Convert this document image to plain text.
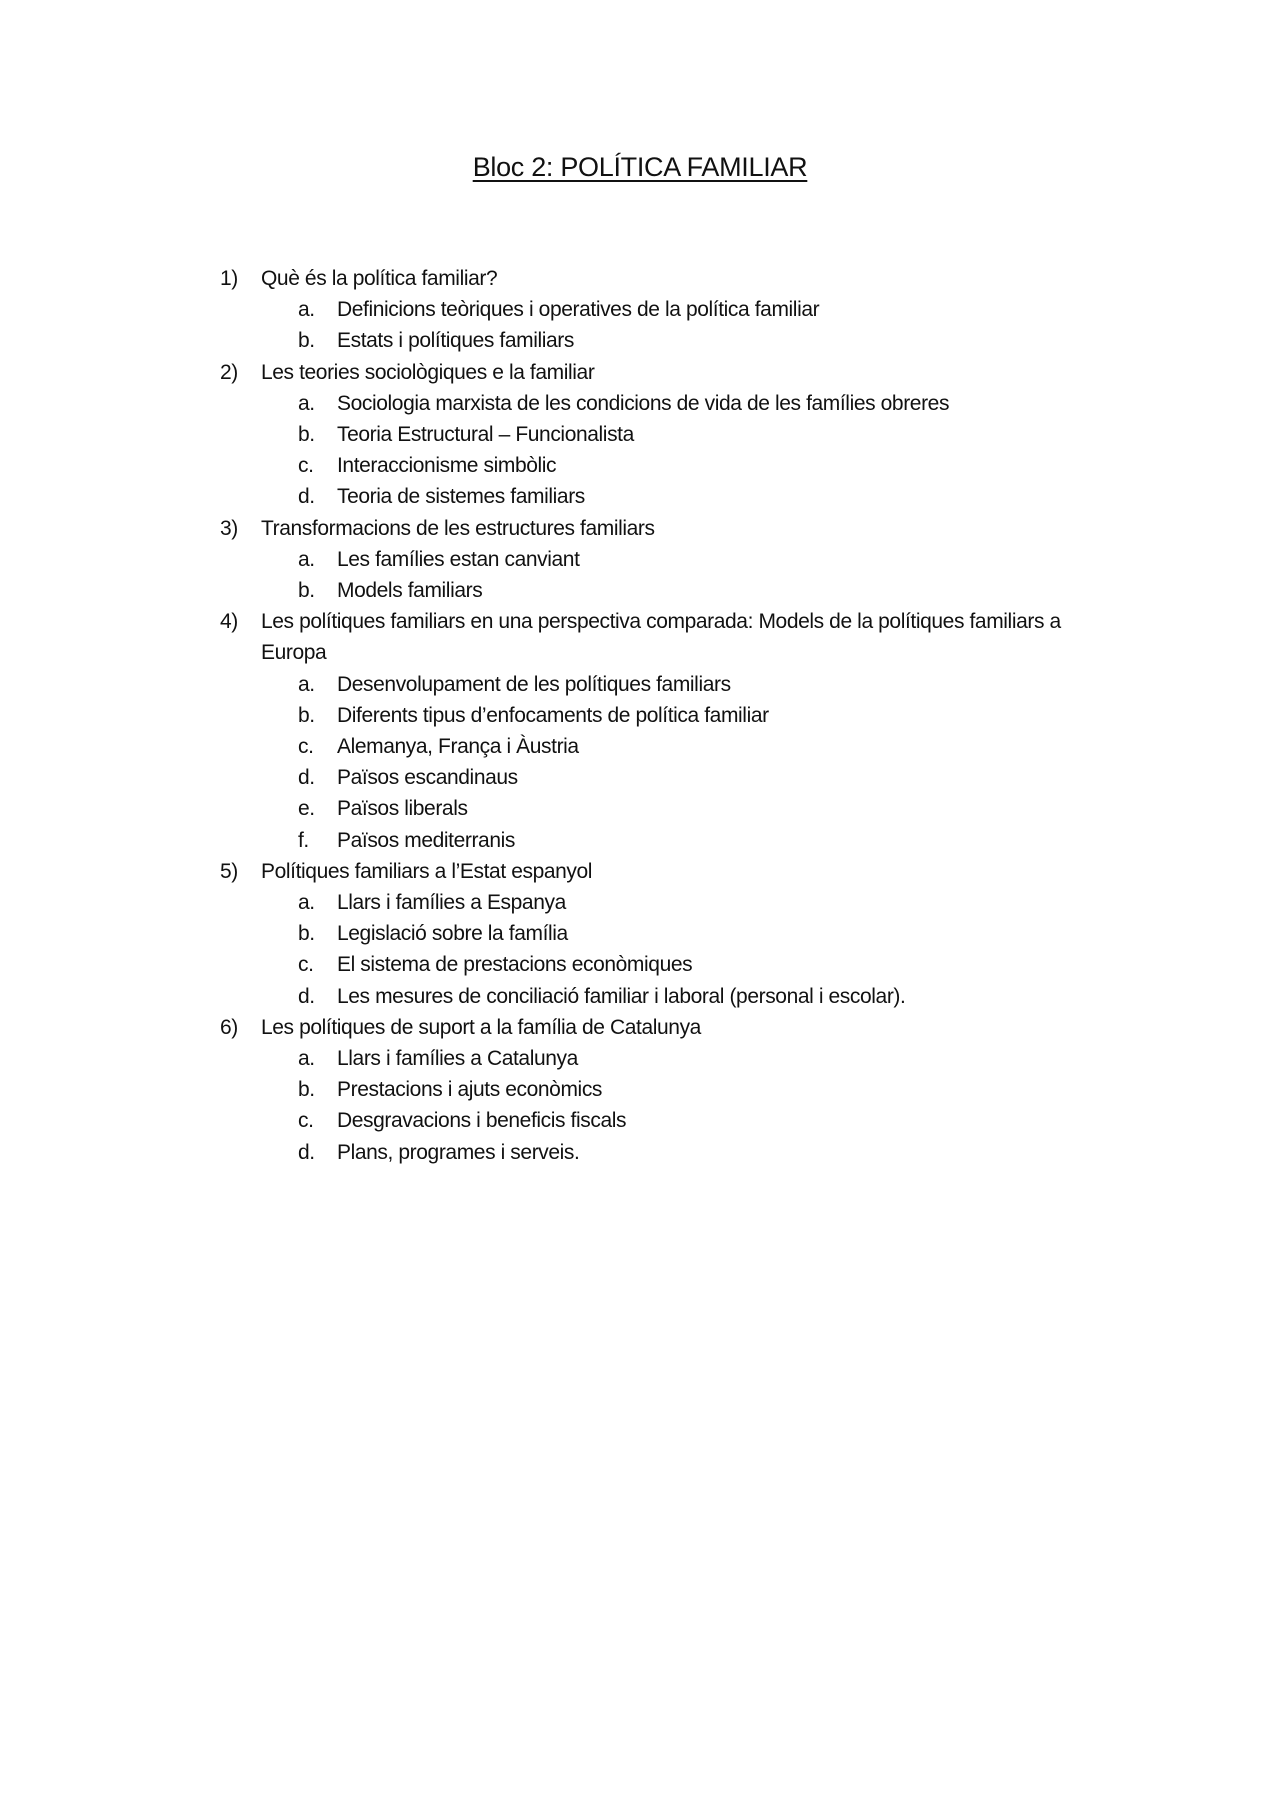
Bloc 2: POLÍTICA FAMILIAR
1)	Què és la política familiar?
a.	Definicions teòriques i operatives de la política familiar
b.	Estats i polítiques familiars
2)	Les teories sociològiques e la familiar
a.	Sociologia marxista de les condicions de vida de les famílies obreres
b.	Teoria Estructural – Funcionalista
c.	Interaccionisme simbòlic
d.	Teoria de sistemes familiars
3)	Transformacions de les estructures familiars
a.	Les famílies estan canviant
b.	Models familiars
4)	Les polítiques familiars en una perspectiva comparada: Models de la polítiques familiars a Europa
a.	Desenvolupament de les polítiques familiars
b.	Diferents tipus d’enfocaments de política familiar
c.	Alemanya, França i Àustria
d.	Països escandinaus
e.	Països liberals
f.	Països mediterranis
5)	Polítiques familiars a l’Estat espanyol
a.	Llars i famílies a Espanya
b.	Legislació sobre la família
c.	El sistema de prestacions econòmiques
d.	Les mesures de conciliació familiar i laboral (personal i escolar).
6)	Les polítiques de suport a la família de Catalunya
a.	Llars i famílies a Catalunya
b.	Prestacions i ajuts econòmics
c.	Desgravacions i beneficis fiscals
d.	Plans, programes i serveis.
